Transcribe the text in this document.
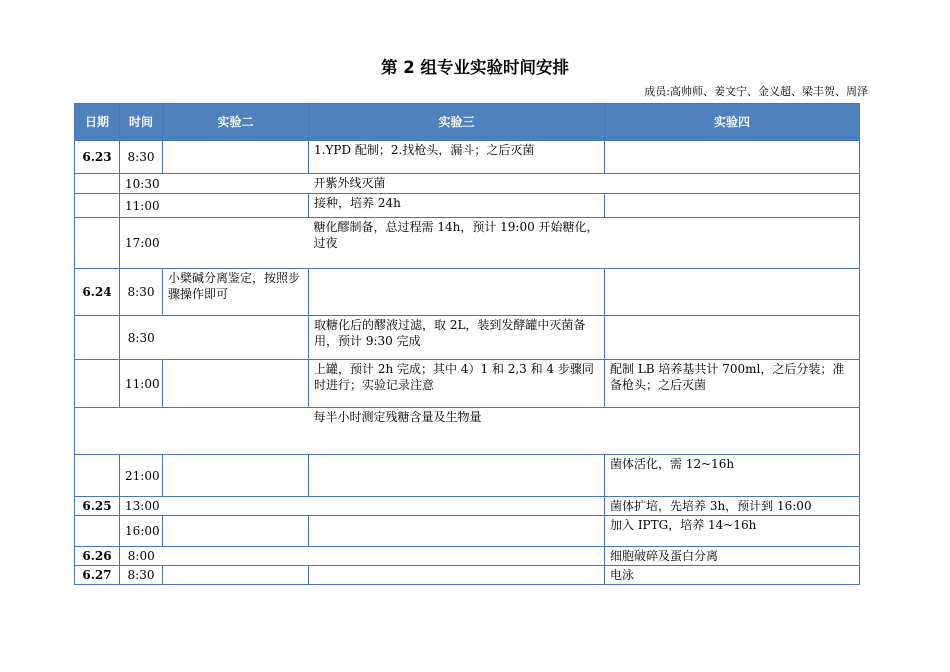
第 2 组专业实验时间安排
成员:高帅师、姜文宁、金义超、梁丰贺、周泽
日期	时间	实验二	实验三	实验四
6.23	8:30		1.YPD 配制；2.找枪头，漏斗；之后灭菌	
	10:30		开紫外线灭菌	
	11:00		接种，培养 24h	
	17:00		糖化醪制备，总过程需 14h，预计 19:00 开始糖化，过夜	
6.24	8:30	小檗碱分离鉴定，按照步骤操作即可		
	8:30		取糖化后的醪液过滤，取 2L，装到发酵罐中灭菌备用，预计 9:30 完成	
	11:00		上罐，预计 2h 完成；其中 4）1 和 2,3 和 4 步骤同时进行；实验记录注意	配制 LB 培养基共计 700ml，之后分装；准备枪头；之后灭菌
			每半小时测定残糖含量及生物量	
	21:00			菌体活化，需 12~16h
6.25	13:00			菌体扩培，先培养 3h，预计到 16:00
	16:00			加入 IPTG，培养 14~16h
6.26	8:00			细胞破碎及蛋白分离
6.27	8:30			电泳
